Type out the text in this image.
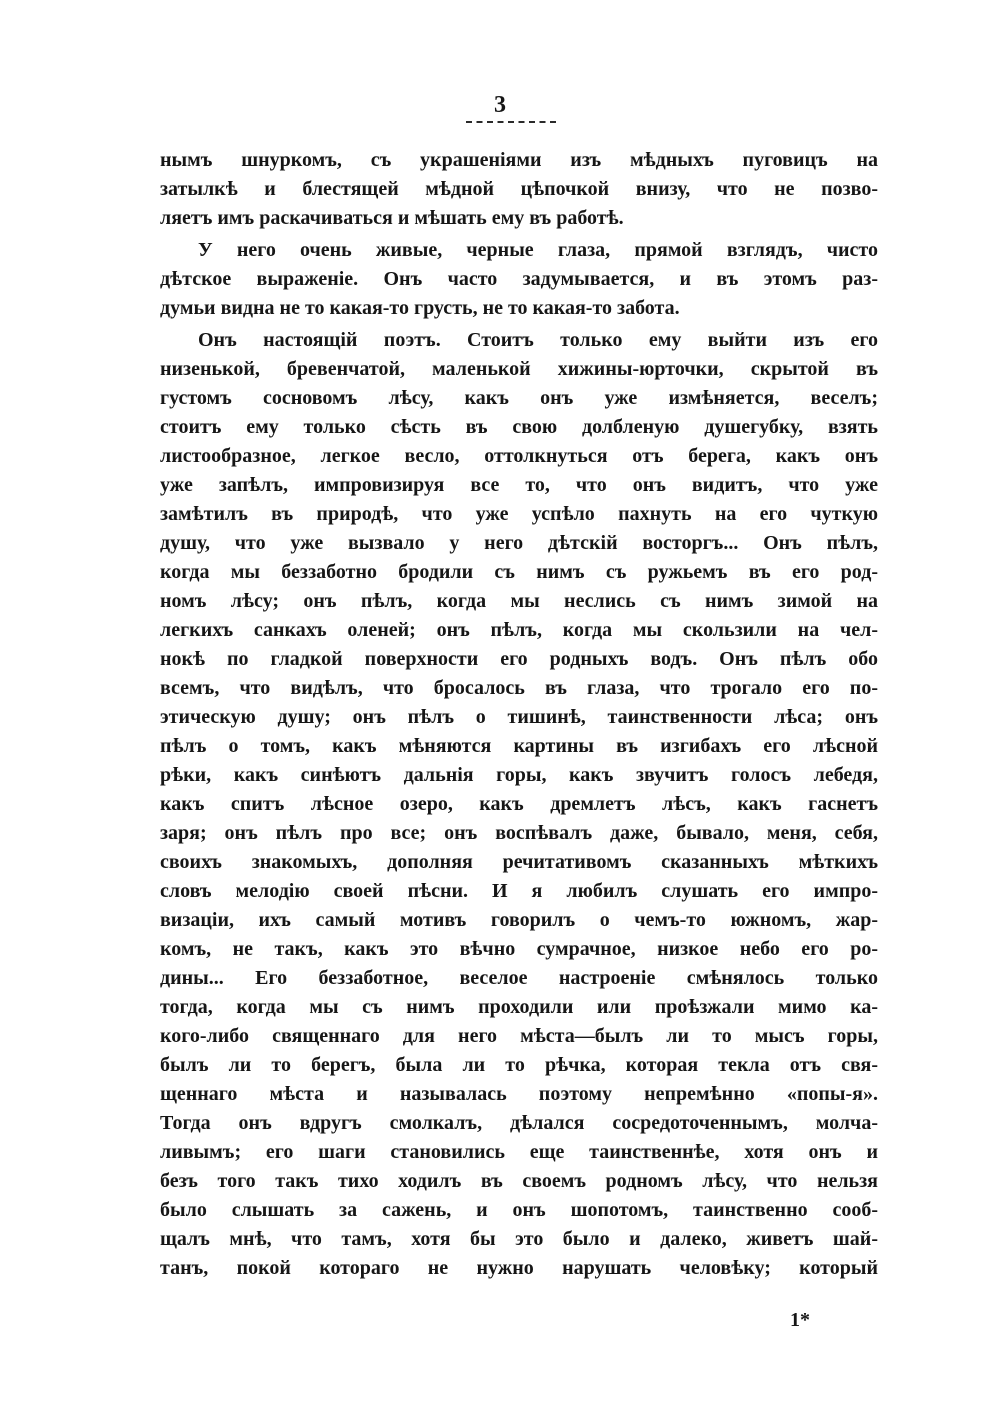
3
нымъ шнуркомъ, съ украшеніями изъ мѣдныхъ пуговицъ на
затылкѣ и блестящей мѣдной цѣпочкой внизу, что не позво-
ляетъ имъ раскачиваться и мѣшать ему въ работѣ.
У него очень живые, черные глаза, прямой взглядъ, чисто
дѣтское выраженіе. Онъ часто задумывается, и въ этомъ раз-
думьи видна не то какая-то грусть, не то какая-то забота.
Онъ настоящій поэтъ. Стоитъ только ему выйти изъ его
низенькой, бревенчатой, маленькой хижины-юрточки, скрытой въ
густомъ сосновомъ лѣсу, какъ онъ уже измѣняется, веселъ;
стоитъ ему только сѣсть въ свою долбленую душегубку, взять
листообразное, легкое весло, оттолкнуться отъ берега, какъ онъ
уже запѣлъ, импровизируя все то, что онъ видитъ, что уже
замѣтилъ въ природѣ, что уже успѣло пахнуть на его чуткую
душу, что уже вызвало у него дѣтскій восторгъ... Онъ пѣлъ,
когда мы беззаботно бродили съ нимъ съ ружьемъ въ его род-
номъ лѣсу; онъ пѣлъ, когда мы неслись съ нимъ зимой на
легкихъ санкахъ оленей; онъ пѣлъ, когда мы скользили на чел-
нокѣ по гладкой поверхности его родныхъ водъ. Онъ пѣлъ обо
всемъ, что видѣлъ, что бросалось въ глаза, что трогало его по-
этическую душу; онъ пѣлъ о тишинѣ, таинственности лѣса; онъ
пѣлъ о томъ, какъ мѣняются картины въ изгибахъ его лѣсной
рѣки, какъ синѣютъ дальнія горы, какъ звучитъ голосъ лебедя,
какъ спитъ лѣсное озеро, какъ дремлетъ лѣсъ, какъ гаснетъ
заря; онъ пѣлъ про все; онъ воспѣвалъ даже, бывало, меня, себя,
своихъ знакомыхъ, дополняя речитативомъ сказанныхъ мѣткихъ
словъ мелодію своей пѣсни. И я любилъ слушать его импро-
визаціи, ихъ самый мотивъ говорилъ о чемъ-то южномъ, жар-
комъ, не такъ, какъ это вѣчно сумрачное, низкое небо его ро-
дины... Его беззаботное, веселое настроеніе смѣнялось только
тогда, когда мы съ нимъ проходили или проѣзжали мимо ка-
кого-либо священнаго для него мѣста—былъ ли то мысъ горы,
былъ ли то берегъ, была ли то рѣчка, которая текла отъ свя-
щеннаго мѣста и называлась поэтому непремѣнно «попы-я».
Тогда онъ вдругъ смолкалъ, дѣлался сосредоточеннымъ, молча-
ливымъ; его шаги становились еще таинственнѣе, хотя онъ и
безъ того такъ тихо ходилъ въ своемъ родномъ лѣсу, что нельзя
было слышать за сажень, и онъ шопотомъ, таинственно сооб-
щалъ мнѣ, что тамъ, хотя бы это было и далеко, живетъ шай-
танъ, покой котораго не нужно нарушать человѣку; который
1*
